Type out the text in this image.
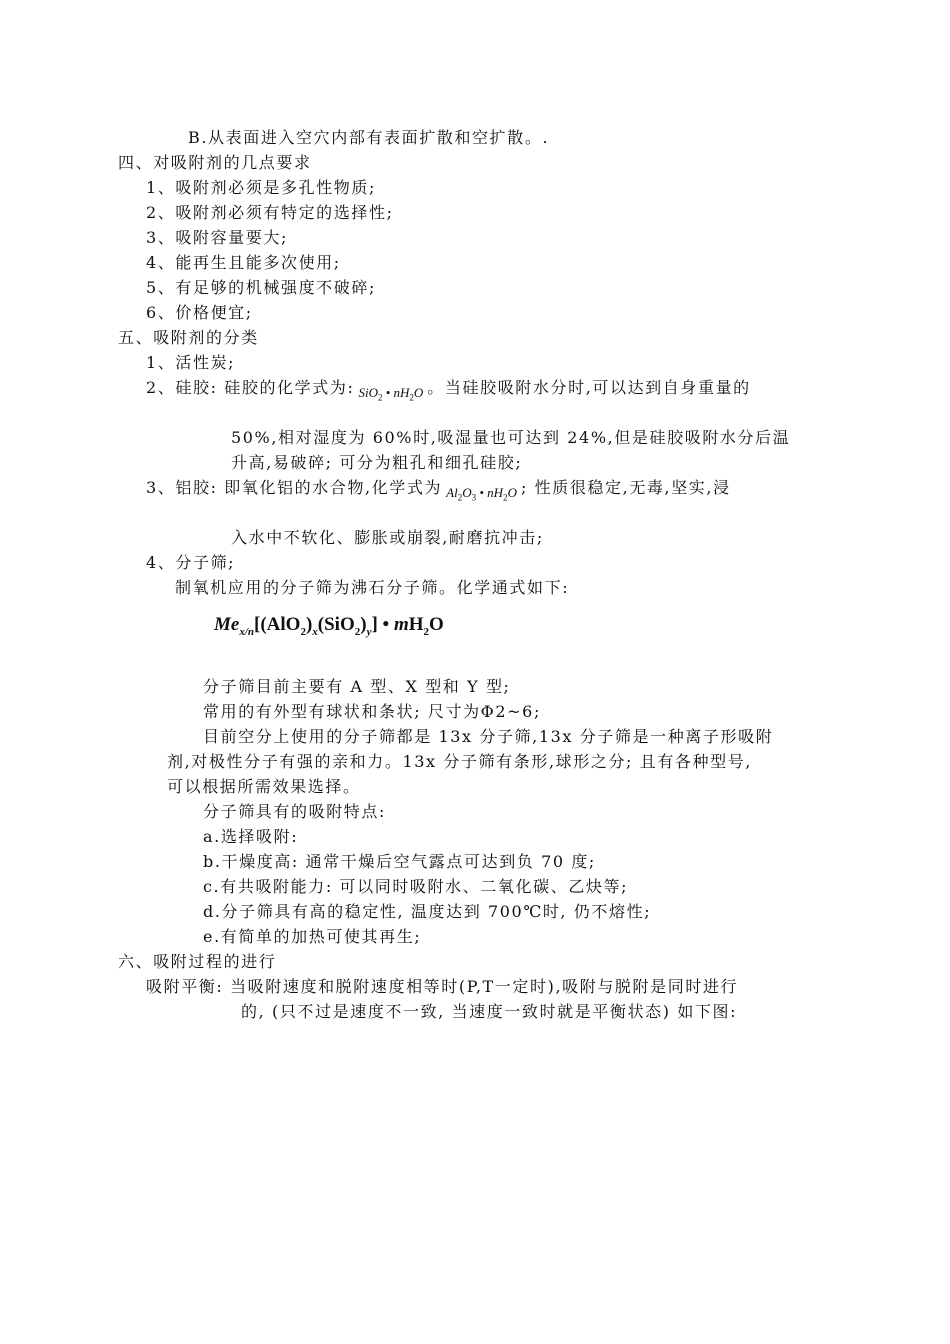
B.从表面进入空穴内部有表面扩散和空扩散。.
四、对吸附剂的几点要求
1、吸附剂必须是多孔性物质;
2、吸附剂必须有特定的选择性;
3、吸附容量要大;
4、能再生且能多次使用;
5、有足够的机械强度不破碎;
6、价格便宜;
五、吸附剂的分类
1、活性炭;
2、硅胶: 硅胶的化学式为: $_{SiO_2 • nH_2O}$ 。当硅胶吸附水分时,可以达到自身重量的
50%,相对湿度为 60%时,吸湿量也可达到 24%,但是硅胶吸附水分后温
升高,易破碎; 可分为粗孔和细孔硅胶;
3、铝胶: 即氧化铝的水合物,化学式为 $_{Al_2O_3 • nH_2O}$ ; 性质很稳定,无毒,坚实,浸
入水中不软化、膨胀或崩裂,耐磨抗冲击;
4、分子筛;
制氧机应用的分子筛为沸石分子筛。化学通式如下:
$Me_{x/n}[(AlO_2)_x(SiO_2)_y]$ • $mH_2O$
分子筛目前主要有 A 型、X 型和 Y 型;
常用的有外型有球状和条状; 尺寸为Φ2~6;
目前空分上使用的分子筛都是 13x 分子筛,13x 分子筛是一种离子形吸附
剂,对极性分子有强的亲和力。13x 分子筛有条形,球形之分; 且有各种型号,
可以根据所需效果选择。
分子筛具有的吸附特点:
a.选择吸附:
b.干燥度高: 通常干燥后空气露点可达到负 70 度;
c.有共吸附能力: 可以同时吸附水、二氧化碳、乙炔等;
d.分子筛具有高的稳定性, 温度达到 700℃时, 仍不熔性;
e.有简单的加热可使其再生;
六、吸附过程的进行
吸附平衡: 当吸附速度和脱附速度相等时(P,T一定时),吸附与脱附是同时进行
的, (只不过是速度不一致, 当速度一致时就是平衡状态) 如下图:
